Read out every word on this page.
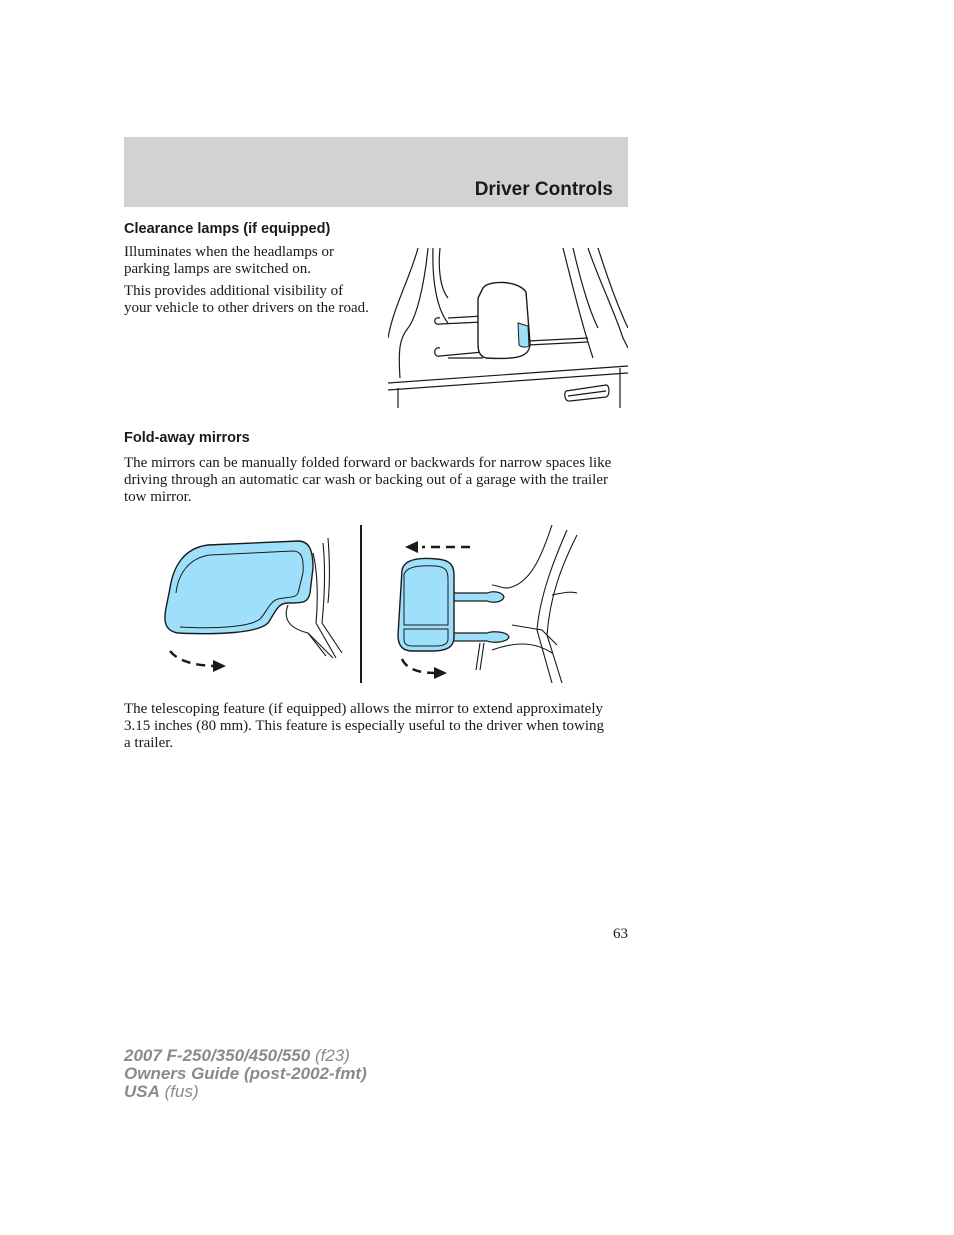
Driver Controls
Clearance lamps (if equipped)

Illuminates when the headlamps or parking lamps are switched on.

This provides additional visibility of your vehicle to other drivers on the road.

Fold-away mirrors

The mirrors can be manually folded forward or backwards for narrow spaces like driving through an automatic car wash or backing out of a garage with the trailer tow mirror.

The telescoping feature (if equipped) allows the mirror to extend approximately 3.15 inches (80 mm). This feature is especially useful to the driver when towing a trailer.

63
2007 F-250/350/450/550 (f23)
Owners Guide (post-2002-fmt)
USA (fus)
